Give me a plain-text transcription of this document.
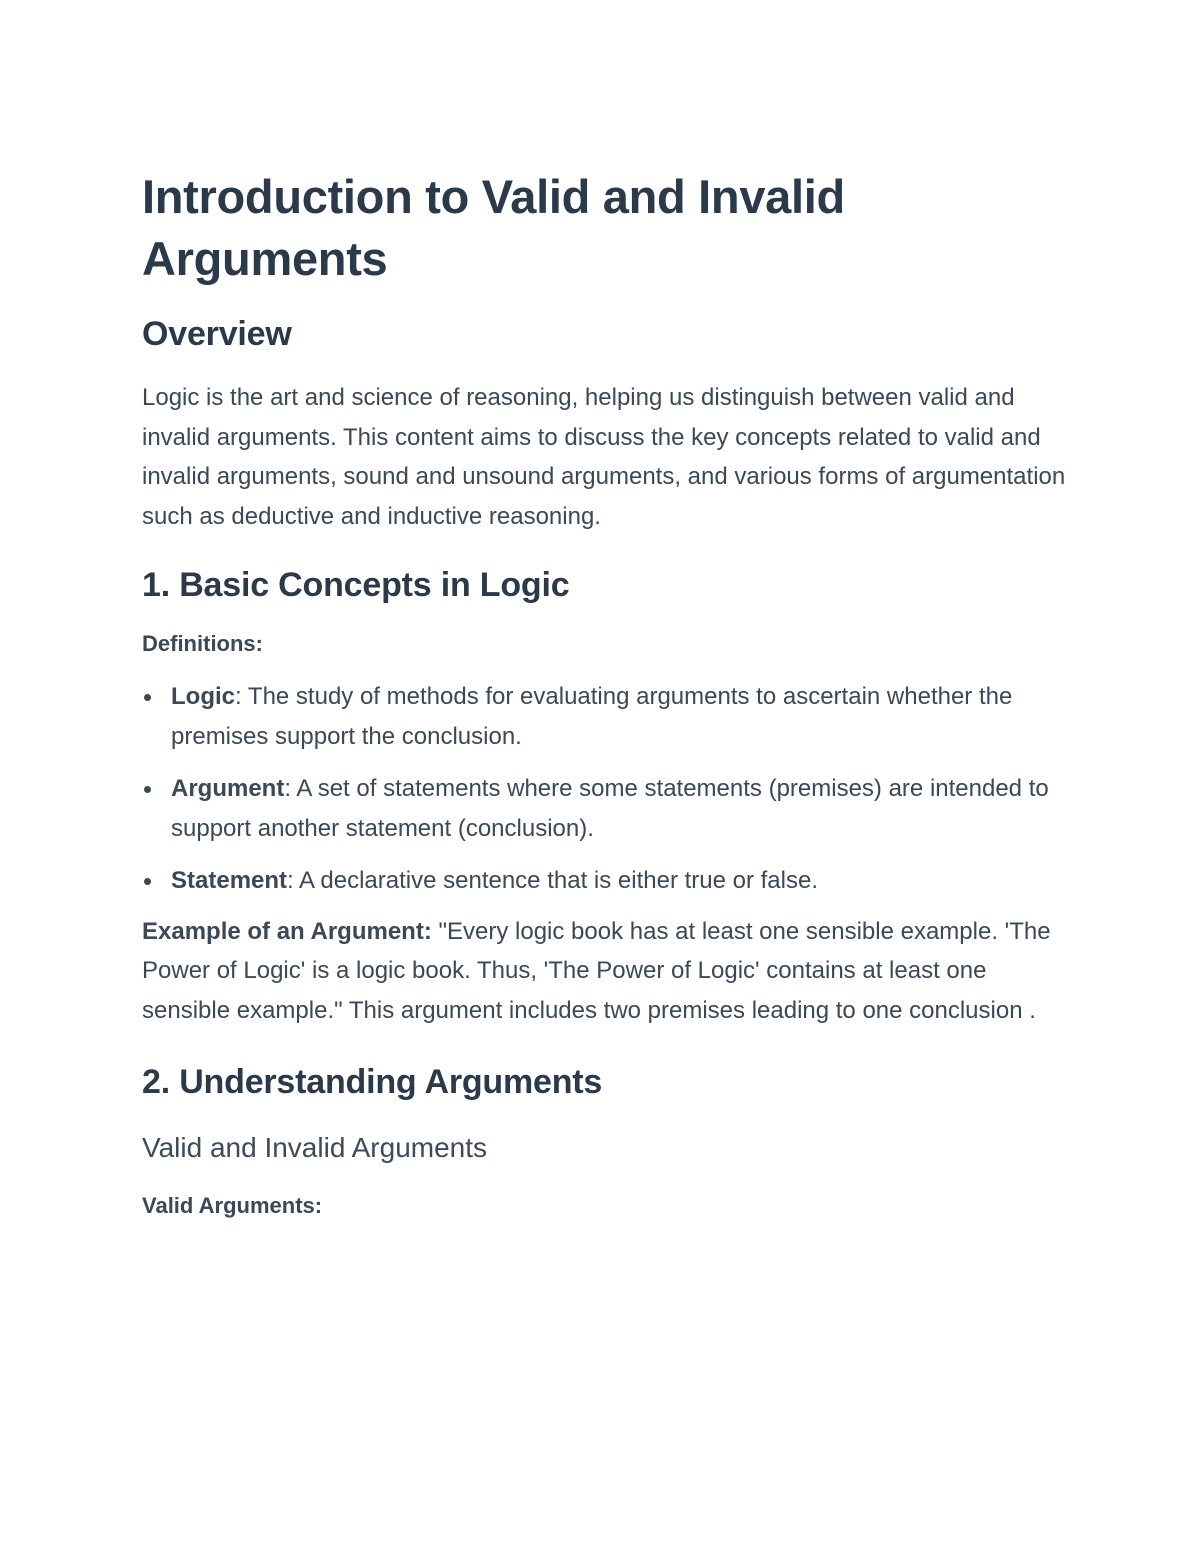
Introduction to Valid and Invalid Arguments
Overview

Logic is the art and science of reasoning, helping us distinguish between valid and invalid arguments. This content aims to discuss the key concepts related to valid and invalid arguments, sound and unsound arguments, and various forms of argumentation such as deductive and inductive reasoning.

1. Basic Concepts in Logic
Definitions:
Logic: The study of methods for evaluating arguments to ascertain whether the premises support the conclusion.
Argument: A set of statements where some statements (premises) are intended to support another statement (conclusion).
Statement: A declarative sentence that is either true or false.

Example of an Argument: "Every logic book has at least one sensible example. 'The Power of Logic' is a logic book. Thus, 'The Power of Logic' contains at least one sensible example." This argument includes two premises leading to one conclusion .

2. Understanding Arguments
Valid and Invalid Arguments
Valid Arguments:
